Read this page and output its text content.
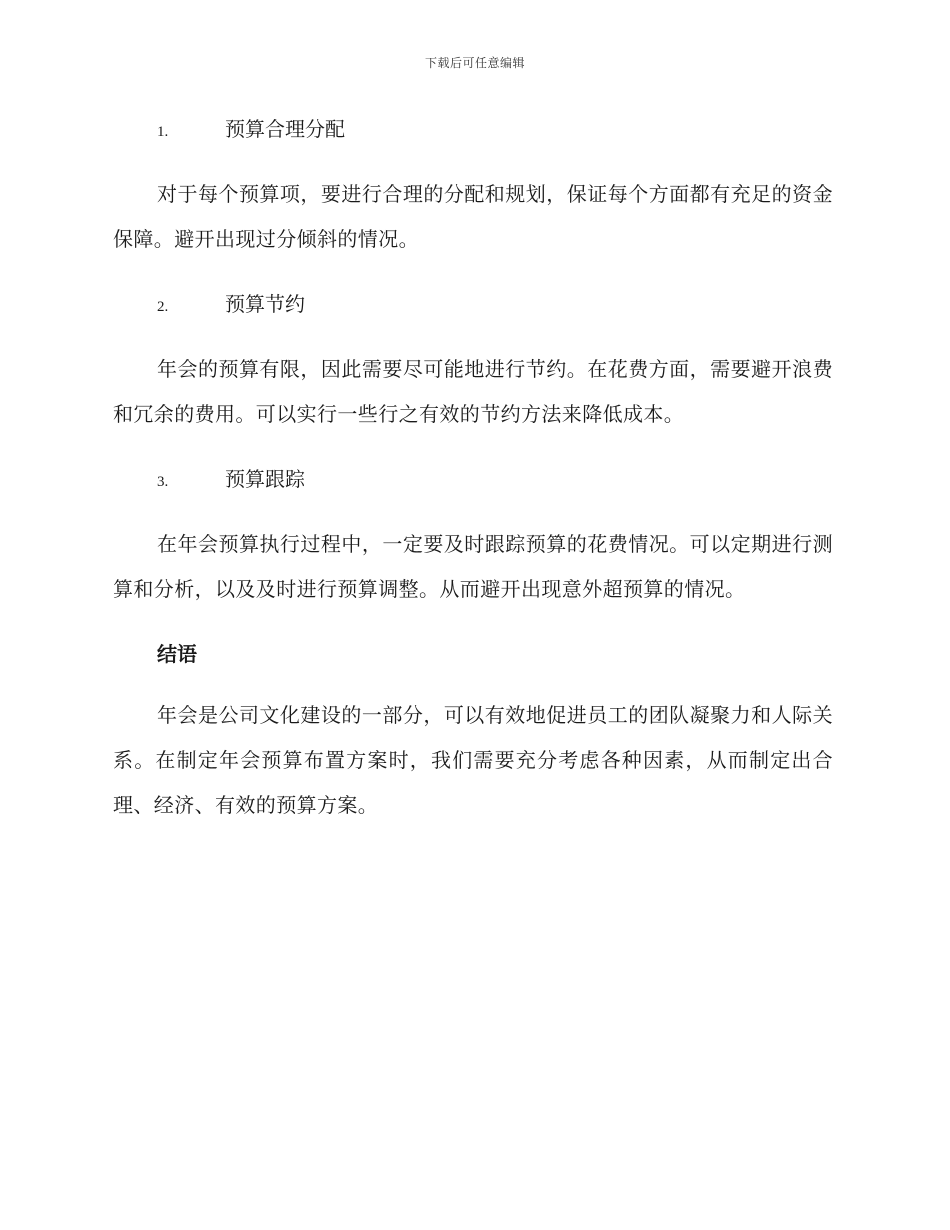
下载后可任意编辑
1.	预算合理分配

对于每个预算项，要进行合理的分配和规划，保证每个方面都有充足的资金保障。避开出现过分倾斜的情况。

2.	预算节约

年会的预算有限，因此需要尽可能地进行节约。在花费方面，需要避开浪费和冗余的费用。可以实行一些行之有效的节约方法来降低成本。

3.	预算跟踪

在年会预算执行过程中，一定要及时跟踪预算的花费情况。可以定期进行测算和分析，以及及时进行预算调整。从而避开出现意外超预算的情况。

结语

年会是公司文化建设的一部分，可以有效地促进员工的团队凝聚力和人际关系。在制定年会预算布置方案时，我们需要充分考虑各种因素，从而制定出合理、经济、有效的预算方案。
